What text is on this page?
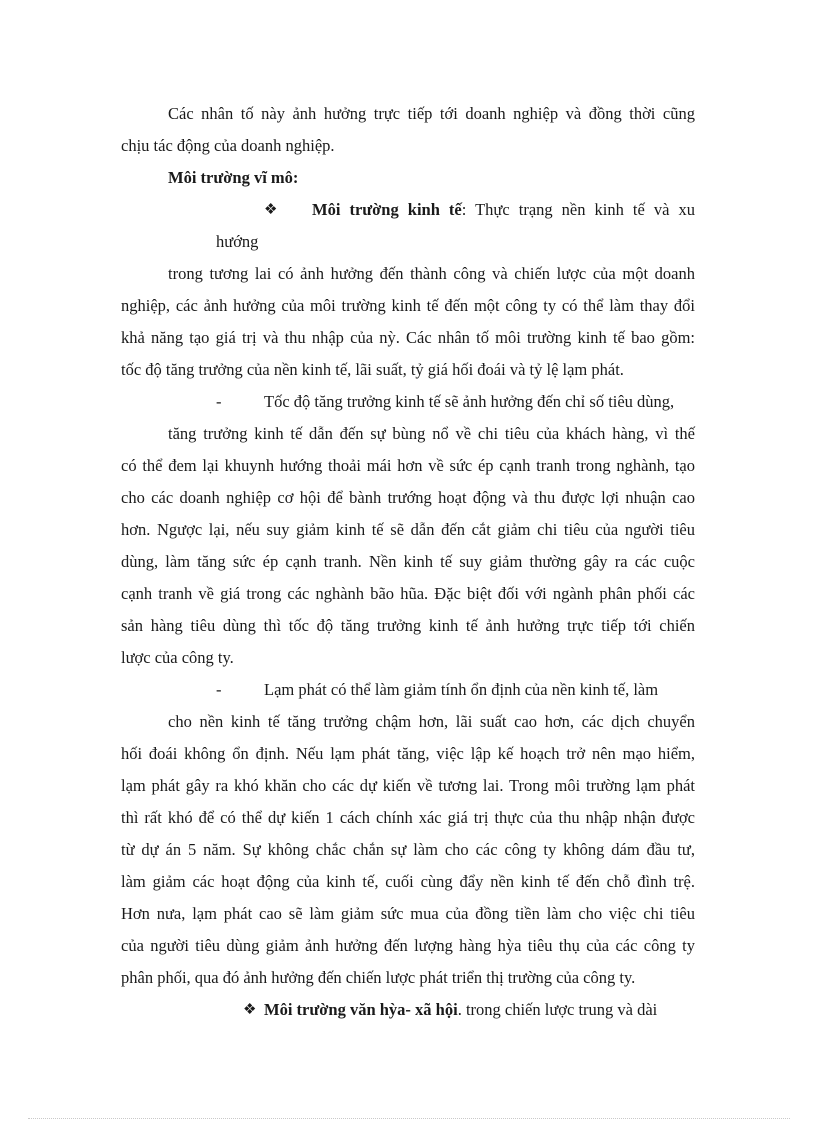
Các nhân tố này ảnh hưởng trực tiếp tới doanh nghiệp và đồng thời cũng
chịu tác động của doanh nghiệp.
Môi trường vĩ mô:
❖ Môi trường kinh tế: Thực trạng nền kinh tế và xu
hướng
trong tương lai có ảnh hưởng đến thành công và chiến lược của một doanh
nghiệp, các ảnh hưởng của môi trường kinh tế đến một công ty có thể làm thay đổi
khả năng tạo giá trị và thu nhập của nỳ. Các nhân tố môi trường kinh tế bao gồm:
tốc độ tăng trưởng của nền kinh tế, lãi suất, tỷ giá hối đoái và tỷ lệ lạm phát.
-	Tốc độ tăng trưởng kinh tế sẽ ảnh hưởng đến chỉ số tiêu dùng,
tăng trưởng kinh tế dẫn đến sự bùng nổ về chi tiêu của khách hàng, vì thế
có thể đem lại khuynh hướng thoải mái hơn về sức ép cạnh tranh trong nghành, tạo
cho các doanh nghiệp cơ hội để bành trướng hoạt động và thu được lợi nhuận cao
hơn. Ngược lại, nếu suy giảm kinh tế sẽ dẫn đến cắt giảm chi tiêu của người tiêu
dùng, làm tăng sức ép cạnh tranh. Nền kinh tế suy giảm thường gây ra các cuộc
cạnh tranh về giá trong các nghành bão hũa. Đặc biệt đối với ngành phân phối các
sản hàng tiêu dùng thì tốc độ tăng trưởng kinh tế ảnh hưởng trực tiếp tới chiến
lược của công ty.
-	Lạm phát có thể làm giảm tính ổn định của nền kinh tế, làm
cho nền kinh tế tăng trưởng chậm hơn, lãi suất cao hơn, các dịch chuyển
hối đoái không ổn định. Nếu lạm phát tăng, việc lập kế hoạch trở nên mạo hiểm,
lạm phát gây ra khó khăn cho các dự kiến về tương lai. Trong môi trường lạm phát
thì rất khó để có thể dự kiến 1 cách chính xác giá trị thực của thu nhập nhận được
từ dự án 5 năm. Sự không chắc chắn sự làm cho các công ty không dám đầu tư,
làm giảm các hoạt động của kinh tế, cuối cùng đẩy nền kinh tế đến chỗ đình trệ.
Hơn nưa, lạm phát cao sẽ làm giảm sức mua của đồng tiền làm cho việc chi tiêu
của người tiêu dùng giảm ảnh hưởng đến lượng hàng hỳa tiêu thụ của các công ty
phân phối, qua đó ảnh hưởng đến chiến lược phát triển thị trường của công ty.
❖ Môi trường văn hỳa- xã hội. trong chiến lược trung và dài
